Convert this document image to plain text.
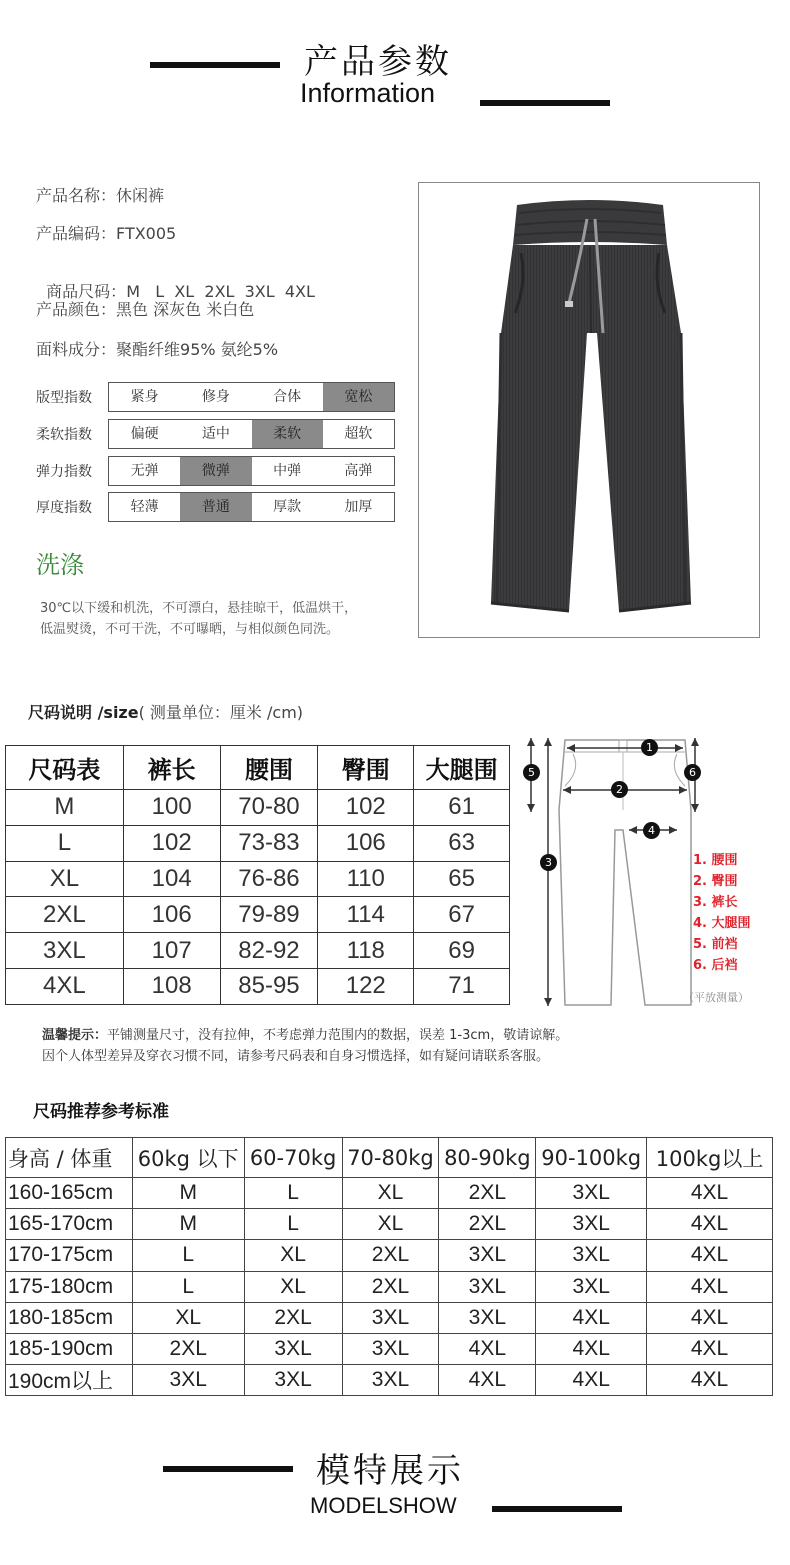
产品参数
Information
产品名称：休闲裤
产品编码：FTX005

商品尺码：M   L  XL  2XL  3XL  4XL

产品颜色：黑色 深灰色 米白色
面料成分：聚酯纤维95% 氨纶5%
版型指数	紧身	修身	合体	宽松
柔软指数	偏硬	适中	柔软	超软
弹力指数	无弹	微弹	中弹	高弹
厚度指数	轻薄	普通	厚款	加厚
洗涤
30℃以下缓和机洗，不可漂白，悬挂晾干，低温烘干，
低温熨烫，不可干洗，不可曝晒，与相似颜色同洗。
尺码说明 /size( 测量单位：厘米 /cm)
尺码表	裤长	腰围	臀围	大腿围
M	100	70-80	102	61
L	102	73-83	106	63
XL	104	76-86	110	65
2XL	106	79-89	114	67
3XL	107	82-92	118	69
4XL	108	85-95	122	71
1
2
3
4
5	6
1. 腰围
2. 臀围
3. 裤长
4. 大腿围
5. 前裆
6. 后裆
（平放测量）
温馨提示：平铺测量尺寸，没有拉伸，不考虑弹力范围内的数据，误差 1-3cm，敬请谅解。
因个人体型差异及穿衣习惯不同，请参考尺码表和自身习惯选择，如有疑问请联系客服。
尺码推荐参考标准
身高 / 体重	60kg 以下	60-70kg	70-80kg	80-90kg	90-100kg	100kg以上
160-165cm	M	L	XL	2XL	3XL	4XL
165-170cm	M	L	XL	2XL	3XL	4XL
170-175cm	L	XL	2XL	3XL	3XL	4XL
175-180cm	L	XL	2XL	3XL	3XL	4XL
180-185cm	XL	2XL	3XL	3XL	4XL	4XL
185-190cm	2XL	3XL	3XL	4XL	4XL	4XL
190cm以上	3XL	3XL	3XL	4XL	4XL	4XL
模特展示
MODELSHOW
